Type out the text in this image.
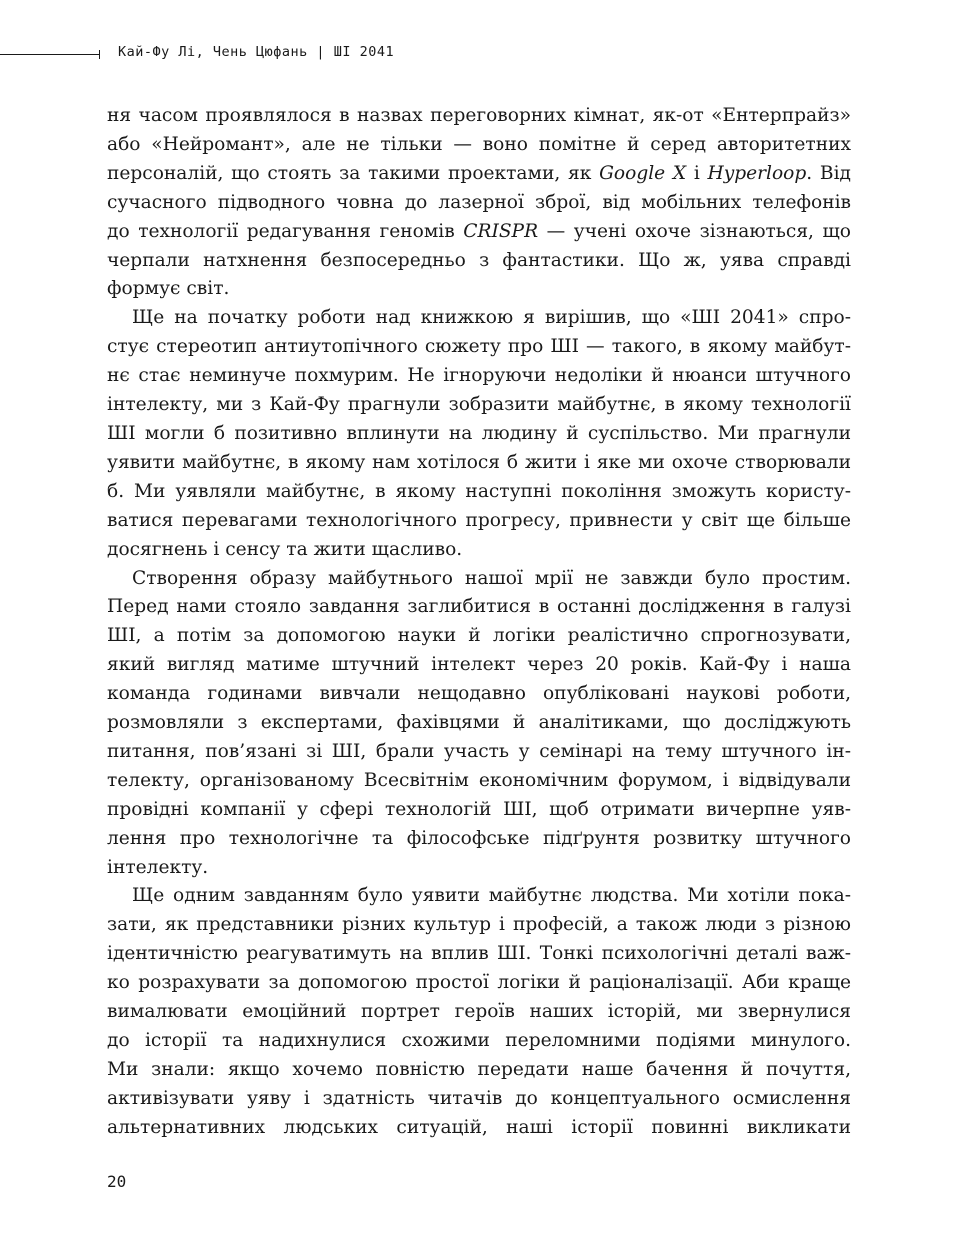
Кай-Фу Лі, Чень Цюфань | ШІ 2041

ня часом проявлялося в назвах переговорних кімнат, як-от «Ентерпрайз»

або «Нейромант», але не тільки — воно помітне й серед авторитетних

персоналій, що стоять за такими проектами, як Google X і Hyperloop. Від

сучасного підводного човна до лазерної зброї, від мобільних телефонів

до технології редагування геномів CRISPR — учені охоче зізнаються, що

черпали натхнення безпосередньо з фантастики. Що ж, уява справді

формує світ.

Ще на початку роботи над книжкою я вирішив, що «ШІ 2041» спро-

стує стереотип антиутопічного сюжету про ШІ — такого, в якому майбут-

нє стає неминуче похмурим. Не ігноруючи недоліки й нюанси штучного

інтелекту, ми з Кай-Фу прагнули зобразити майбутнє, в якому технології

ШІ могли б позитивно вплинути на людину й суспільство. Ми прагнули

уявити майбутнє, в якому нам хотілося б жити і яке ми охоче створювали

б. Ми уявляли майбутнє, в якому наступні покоління зможуть користу-

ватися перевагами технологічного прогресу, привнести у світ ще більше

досягнень і сенсу та жити щасливо.

Створення образу майбутнього нашої мрії не завжди було простим.

Перед нами стояло завдання заглибитися в останні дослідження в галузі

ШІ, а потім за допомогою науки й логіки реалістично спрогнозувати,

який вигляд матиме штучний інтелект через 20 років. Кай-Фу і наша

команда годинами вивчали нещодавно опубліковані наукові роботи,

розмовляли з експертами, фахівцями й аналітиками, що досліджують

питання, пов’язані зі ШІ, брали участь у семінарі на тему штучного ін-

телекту, організованому Всесвітнім економічним форумом, і відвідували

провідні компанії у сфері технологій ШІ, щоб отримати вичерпне уяв-

лення про технологічне та філософське підґрунтя розвитку штучного

інтелекту.

Ще одним завданням було уявити майбутнє людства. Ми хотіли пока-

зати, як представники різних культур і професій, а також люди з різною

ідентичністю реагуватимуть на вплив ШІ. Тонкі психологічні деталі важ-

ко розрахувати за допомогою простої логіки й раціоналізації. Аби краще

вималювати емоційний портрет героїв наших історій, ми звернулися

до історії та надихнулися схожими переломними подіями минулого.

Ми знали: якщо хочемо повністю передати наше бачення й почуття,

активізувати уяву і здатність читачів до концептуального осмислення

альтернативних людських ситуацій, наші історії повинні викликати

20
